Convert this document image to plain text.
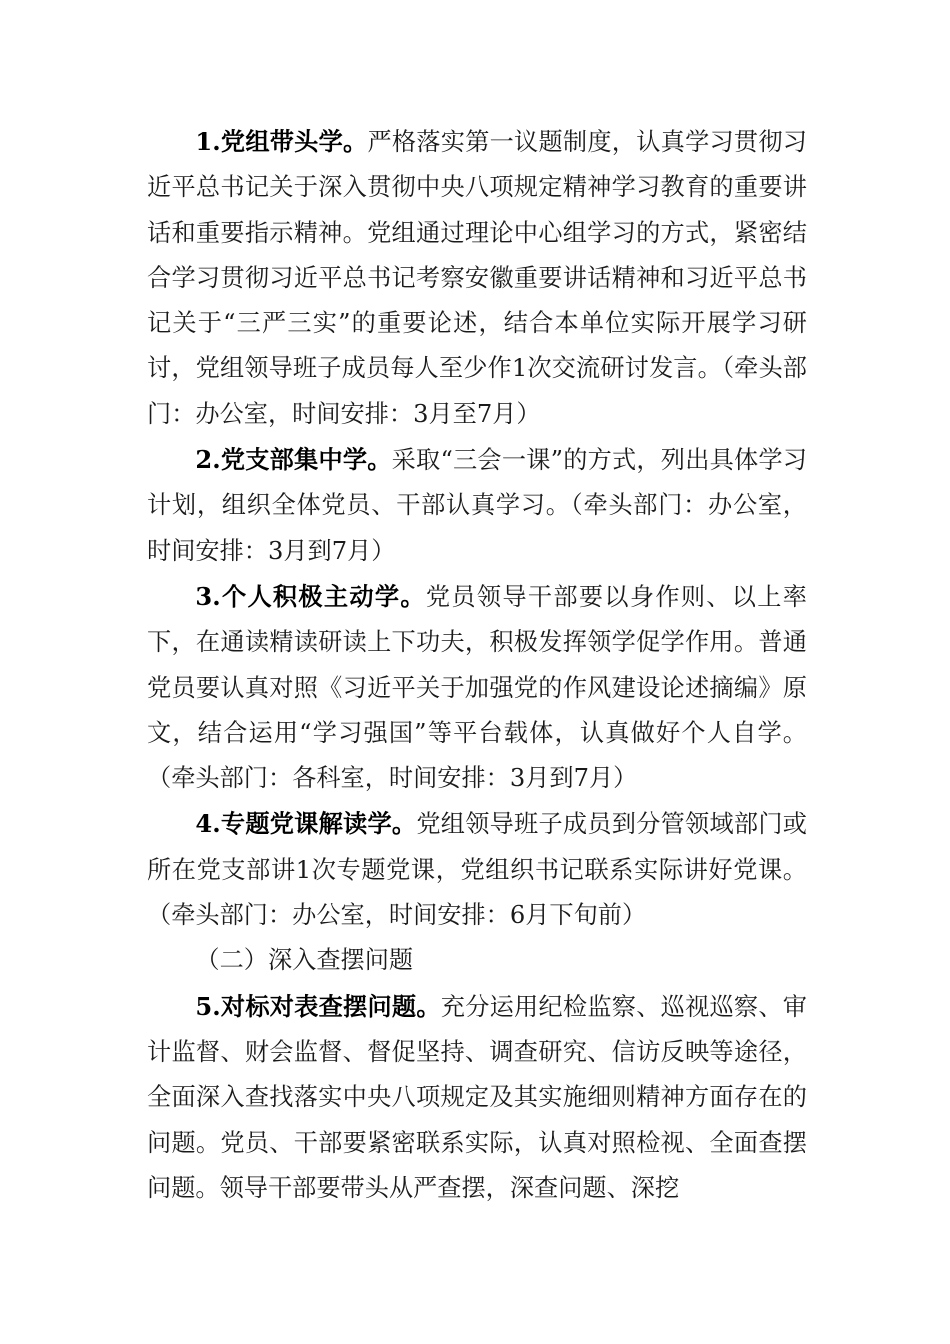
1.党组带头学。严格落实第一议题制度，认真学习贯彻习近平总书记关于深入贯彻中央八项规定精神学习教育的重要讲话和重要指示精神。党组通过理论中心组学习的方式，紧密结合学习贯彻习近平总书记考察安徽重要讲话精神和习近平总书记关于“三严三实”的重要论述，结合本单位实际开展学习研讨，党组领导班子成员每人至少作1次交流研讨发言。（牵头部门：办公室，时间安排：3月至7月）

2.党支部集中学。采取“三会一课”的方式，列出具体学习计划，组织全体党员、干部认真学习。（牵头部门：办公室，时间安排：3月到7月）

3.个人积极主动学。党员领导干部要以身作则、以上率下，在通读精读研读上下功夫，积极发挥领学促学作用。普通党员要认真对照《习近平关于加强党的作风建设论述摘编》原文，结合运用“学习强国”等平台载体，认真做好个人自学。（牵头部门：各科室，时间安排：3月到7月）

4.专题党课解读学。党组领导班子成员到分管领域部门或所在党支部讲1次专题党课，党组织书记联系实际讲好党课。（牵头部门：办公室，时间安排：6月下旬前）

（二）深入查摆问题

5.对标对表查摆问题。充分运用纪检监察、巡视巡察、审计监督、财会监督、督促坚持、调查研究、信访反映等途径，全面深入查找落实中央八项规定及其实施细则精神方面存在的问题。党员、干部要紧密联系实际，认真对照检视、全面查摆问题。领导干部要带头从严查摆，深查问题、深挖
